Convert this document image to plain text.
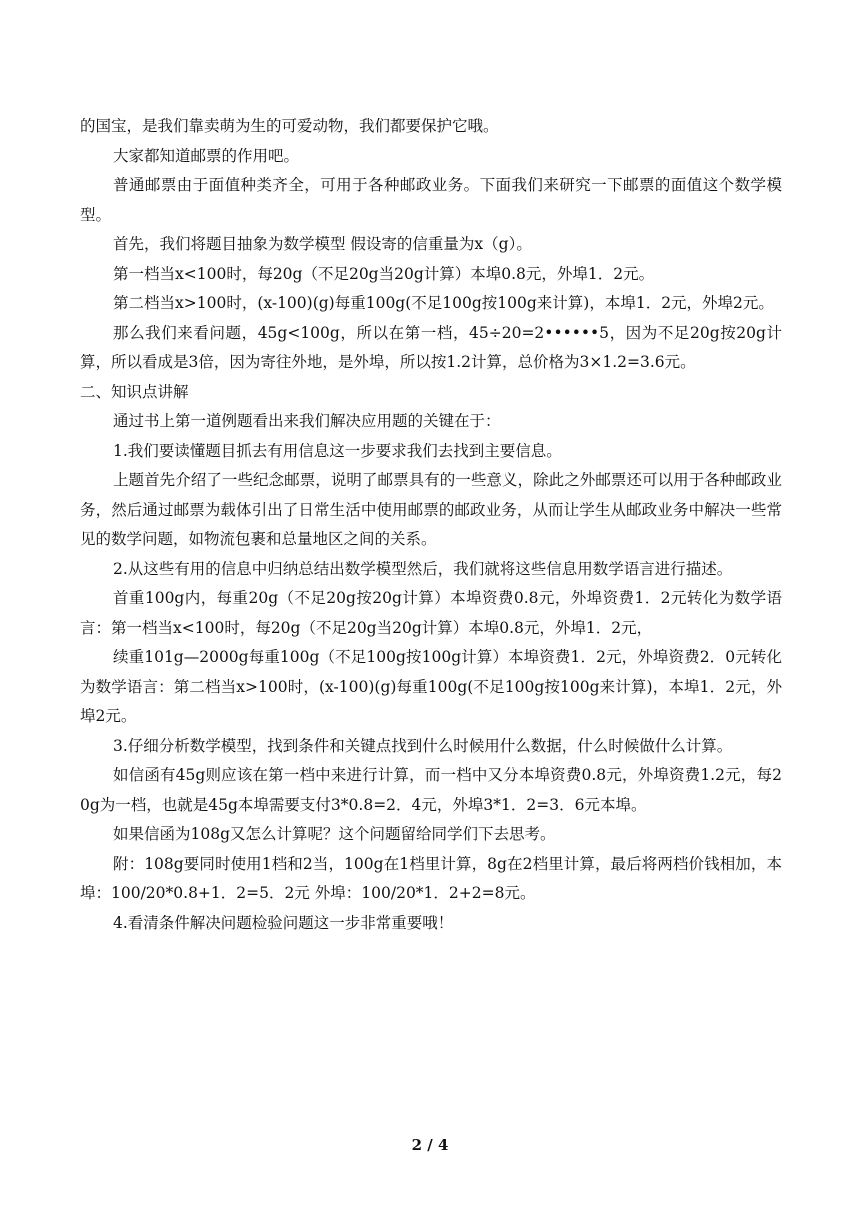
的国宝，是我们靠卖萌为生的可爱动物，我们都要保护它哦。

大家都知道邮票的作用吧。

普通邮票由于面值种类齐全，可用于各种邮政业务。下面我们来研究一下邮票的面值这个数学模型。

首先，我们将题目抽象为数学模型 假设寄的信重量为x（g）。

第一档当x<100时，每20g（不足20g当20g计算）本埠0.8元，外埠1．2元。

第二档当x>100时，(x-100)(g)每重100g(不足100g按100g来计算)，本埠1．2元，外埠2元。

那么我们来看问题，45g<100g，所以在第一档，45÷20=2••••••5，因为不足20g按20g计算，所以看成是3倍，因为寄往外地，是外埠，所以按1.2计算，总价格为3×1.2=3.6元。

二、知识点讲解

通过书上第一道例题看出来我们解决应用题的关键在于：

1.我们要读懂题目抓去有用信息这一步要求我们去找到主要信息。

上题首先介绍了一些纪念邮票，说明了邮票具有的一些意义，除此之外邮票还可以用于各种邮政业务，然后通过邮票为载体引出了日常生活中使用邮票的邮政业务，从而让学生从邮政业务中解决一些常见的数学问题，如物流包裹和总量地区之间的关系。

2.从这些有用的信息中归纳总结出数学模型然后，我们就将这些信息用数学语言进行描述。

首重100g内，每重20g（不足20g按20g计算）本埠资费0.8元，外埠资费1．2元转化为数学语言：第一档当x<100时，每20g（不足20g当20g计算）本埠0.8元，外埠1．2元，

续重101g—2000g每重100g（不足100g按100g计算）本埠资费1．2元，外埠资费2．0元转化为数学语言：第二档当x>100时，(x-100)(g)每重100g(不足100g按100g来计算)，本埠1．2元，外埠2元。

3.仔细分析数学模型，找到条件和关键点找到什么时候用什么数据，什么时候做什么计算。

如信函有45g则应该在第一档中来进行计算，而一档中又分本埠资费0.8元，外埠资费1.2元，每20g为一档，也就是45g本埠需要支付3*0.8=2．4元，外埠3*1．2=3．6元本埠。

如果信函为108g又怎么计算呢？这个问题留给同学们下去思考。

附：108g要同时使用1档和2当，100g在1档里计算，8g在2档里计算，最后将两档价钱相加，本埠：100/20*0.8+1．2=5．2元 外埠：100/20*1．2+2=8元。

4.看清条件解决问题检验问题这一步非常重要哦！

2 / 4
